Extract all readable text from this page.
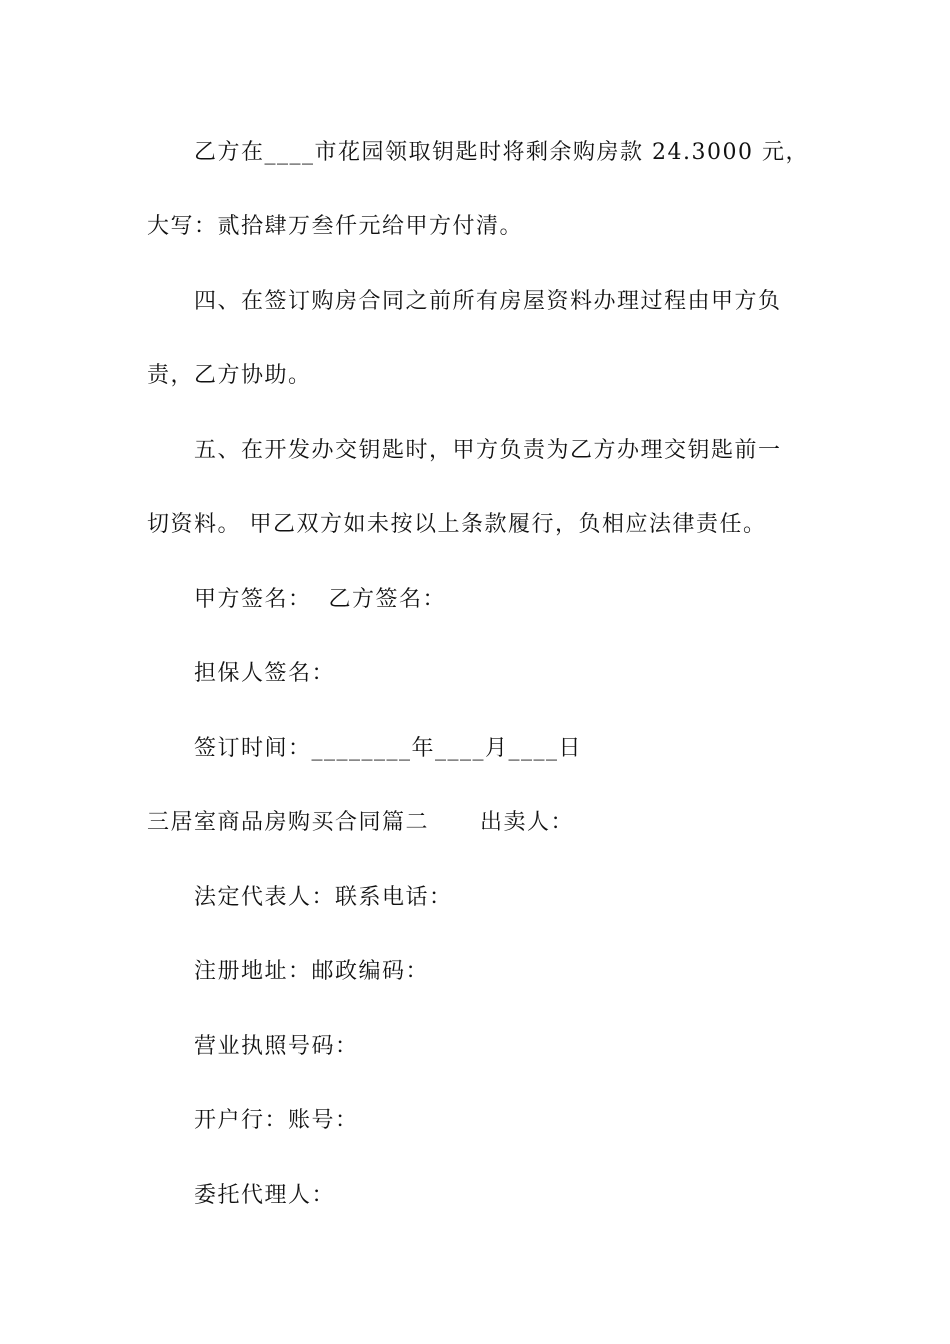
乙方在____市花园领取钥匙时将剩余购房款 24.3000 元，

大写：贰拾肆万叁仟元给甲方付清。

四、在签订购房合同之前所有房屋资料办理过程由甲方负

责，乙方协助。

五、在开发办交钥匙时，甲方负责为乙方办理交钥匙前一

切资料。 甲乙双方如未按以上条款履行，负相应法律责任。

甲方签名：  乙方签名：

担保人签名：

签订时间：________年____月____日

三居室商品房购买合同篇二      出卖人：

法定代表人：联系电话：

注册地址：邮政编码：

营业执照号码：

开户行：账号：

委托代理人：
